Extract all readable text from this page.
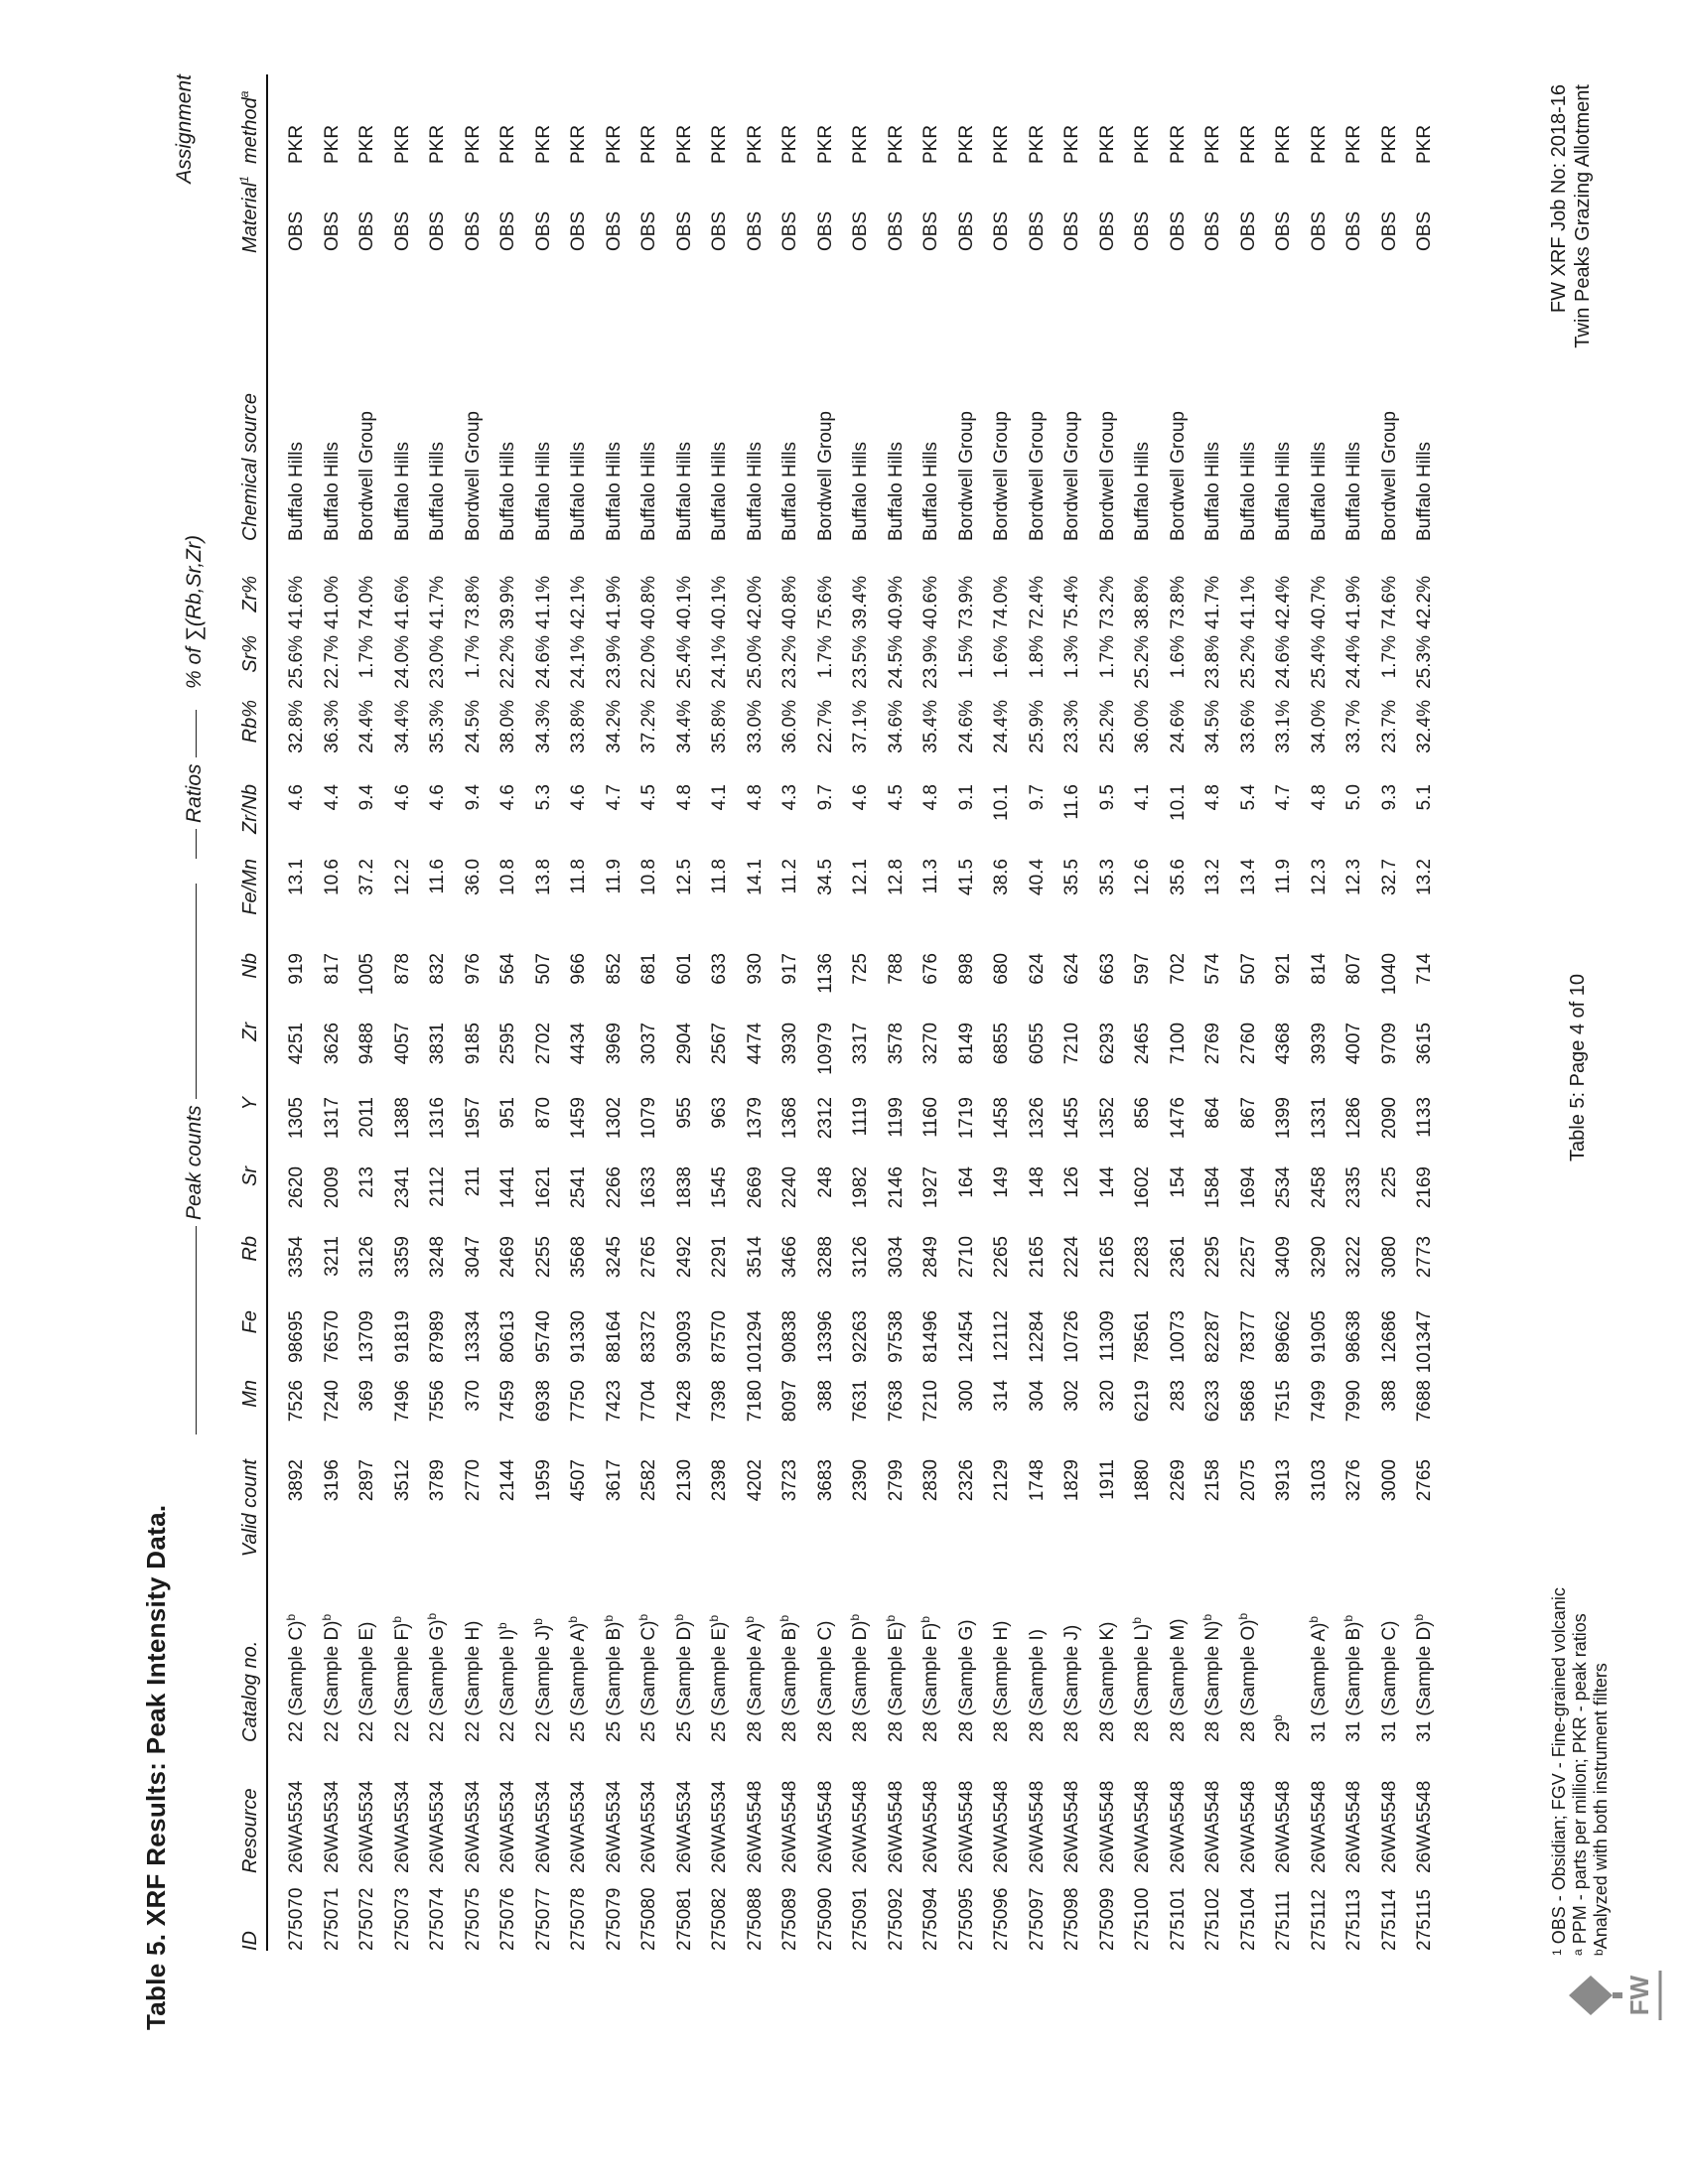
Table 5. XRF Results: Peak Intensity Data.
Peak counts
Ratios
% of ∑(Rb,Sr,Zr)
Assignment
ID
Resource
Catalog no.
Valid count
Mn
Fe
Rb
Sr
Y
Zr
Nb
Fe/Mn
Zr/Nb
Rb%
Sr%
Zr%
Chemical source
Material$^1$
method$^a$
275070
26WA5534
22 (Sample C)$^b$
3892
7526
98695
3354
2620
1305
4251
919
13.1
4.6
32.8%
25.6%
41.6%
Buffalo Hills
OBS
PKR
275071
26WA5534
22 (Sample D)$^b$
3196
7240
76570
3211
2009
1317
3626
817
10.6
4.4
36.3%
22.7%
41.0%
Buffalo Hills
OBS
PKR
275072
26WA5534
22 (Sample E)
2897
369
13709
3126
213
2011
9488
1005
37.2
9.4
24.4%
1.7%
74.0%
Bordwell Group
OBS
PKR
275073
26WA5534
22 (Sample F)$^b$
3512
7496
91819
3359
2341
1388
4057
878
12.2
4.6
34.4%
24.0%
41.6%
Buffalo Hills
OBS
PKR
275074
26WA5534
22 (Sample G)$^b$
3789
7556
87989
3248
2112
1316
3831
832
11.6
4.6
35.3%
23.0%
41.7%
Buffalo Hills
OBS
PKR
275075
26WA5534
22 (Sample H)
2770
370
13334
3047
211
1957
9185
976
36.0
9.4
24.5%
1.7%
73.8%
Bordwell Group
OBS
PKR
275076
26WA5534
22 (Sample I)$^b$
2144
7459
80613
2469
1441
951
2595
564
10.8
4.6
38.0%
22.2%
39.9%
Buffalo Hills
OBS
PKR
275077
26WA5534
22 (Sample J)$^b$
1959
6938
95740
2255
1621
870
2702
507
13.8
5.3
34.3%
24.6%
41.1%
Buffalo Hills
OBS
PKR
275078
26WA5534
25 (Sample A)$^b$
4507
7750
91330
3568
2541
1459
4434
966
11.8
4.6
33.8%
24.1%
42.1%
Buffalo Hills
OBS
PKR
275079
26WA5534
25 (Sample B)$^b$
3617
7423
88164
3245
2266
1302
3969
852
11.9
4.7
34.2%
23.9%
41.9%
Buffalo Hills
OBS
PKR
275080
26WA5534
25 (Sample C)$^b$
2582
7704
83372
2765
1633
1079
3037
681
10.8
4.5
37.2%
22.0%
40.8%
Buffalo Hills
OBS
PKR
275081
26WA5534
25 (Sample D)$^b$
2130
7428
93093
2492
1838
955
2904
601
12.5
4.8
34.4%
25.4%
40.1%
Buffalo Hills
OBS
PKR
275082
26WA5534
25 (Sample E)$^b$
2398
7398
87570
2291
1545
963
2567
633
11.8
4.1
35.8%
24.1%
40.1%
Buffalo Hills
OBS
PKR
275088
26WA5548
28 (Sample A)$^b$
4202
7180
101294
3514
2669
1379
4474
930
14.1
4.8
33.0%
25.0%
42.0%
Buffalo Hills
OBS
PKR
275089
26WA5548
28 (Sample B)$^b$
3723
8097
90838
3466
2240
1368
3930
917
11.2
4.3
36.0%
23.2%
40.8%
Buffalo Hills
OBS
PKR
275090
26WA5548
28 (Sample C)
3683
388
13396
3288
248
2312
10979
1136
34.5
9.7
22.7%
1.7%
75.6%
Bordwell Group
OBS
PKR
275091
26WA5548
28 (Sample D)$^b$
2390
7631
92263
3126
1982
1119
3317
725
12.1
4.6
37.1%
23.5%
39.4%
Buffalo Hills
OBS
PKR
275092
26WA5548
28 (Sample E)$^b$
2799
7638
97538
3034
2146
1199
3578
788
12.8
4.5
34.6%
24.5%
40.9%
Buffalo Hills
OBS
PKR
275094
26WA5548
28 (Sample F)$^b$
2830
7210
81496
2849
1927
1160
3270
676
11.3
4.8
35.4%
23.9%
40.6%
Buffalo Hills
OBS
PKR
275095
26WA5548
28 (Sample G)
2326
300
12454
2710
164
1719
8149
898
41.5
9.1
24.6%
1.5%
73.9%
Bordwell Group
OBS
PKR
275096
26WA5548
28 (Sample H)
2129
314
12112
2265
149
1458
6855
680
38.6
10.1
24.4%
1.6%
74.0%
Bordwell Group
OBS
PKR
275097
26WA5548
28 (Sample I)
1748
304
12284
2165
148
1326
6055
624
40.4
9.7
25.9%
1.8%
72.4%
Bordwell Group
OBS
PKR
275098
26WA5548
28 (Sample J)
1829
302
10726
2224
126
1455
7210
624
35.5
11.6
23.3%
1.3%
75.4%
Bordwell Group
OBS
PKR
275099
26WA5548
28 (Sample K)
1911
320
11309
2165
144
1352
6293
663
35.3
9.5
25.2%
1.7%
73.2%
Bordwell Group
OBS
PKR
275100
26WA5548
28 (Sample L)$^b$
1880
6219
78561
2283
1602
856
2465
597
12.6
4.1
36.0%
25.2%
38.8%
Buffalo Hills
OBS
PKR
275101
26WA5548
28 (Sample M)
2269
283
10073
2361
154
1476
7100
702
35.6
10.1
24.6%
1.6%
73.8%
Bordwell Group
OBS
PKR
275102
26WA5548
28 (Sample N)$^b$
2158
6233
82287
2295
1584
864
2769
574
13.2
4.8
34.5%
23.8%
41.7%
Buffalo Hills
OBS
PKR
275104
26WA5548
28 (Sample O)$^b$
2075
5868
78377
2257
1694
867
2760
507
13.4
5.4
33.6%
25.2%
41.1%
Buffalo Hills
OBS
PKR
275111
26WA5548
29$^b$
3913
7515
89662
3409
2534
1399
4368
921
11.9
4.7
33.1%
24.6%
42.4%
Buffalo Hills
OBS
PKR
275112
26WA5548
31 (Sample A)$^b$
3103
7499
91905
3290
2458
1331
3939
814
12.3
4.8
34.0%
25.4%
40.7%
Buffalo Hills
OBS
PKR
275113
26WA5548
31 (Sample B)$^b$
3276
7990
98638
3222
2335
1286
4007
807
12.3
5.0
33.7%
24.4%
41.9%
Buffalo Hills
OBS
PKR
275114
26WA5548
31 (Sample C)
3000
388
12686
3080
225
2090
9709
1040
32.7
9.3
23.7%
1.7%
74.6%
Bordwell Group
OBS
PKR
275115
26WA5548
31 (Sample D)$^b$
2765
7688
101347
2773
2169
1133
3615
714
13.2
5.1
32.4%
25.3%
42.2%
Buffalo Hills
OBS
PKR
$^1$ OBS - Obsidian; FGV - Fine-grained volcanic
$^a$ PPM - parts per million; PKR - peak ratios
$^b$Analyzed with both instrument filters
Table 5: Page 4 of 10
FW XRF Job No: 2018-16 Twin Peaks Grazing Allotment
FW
